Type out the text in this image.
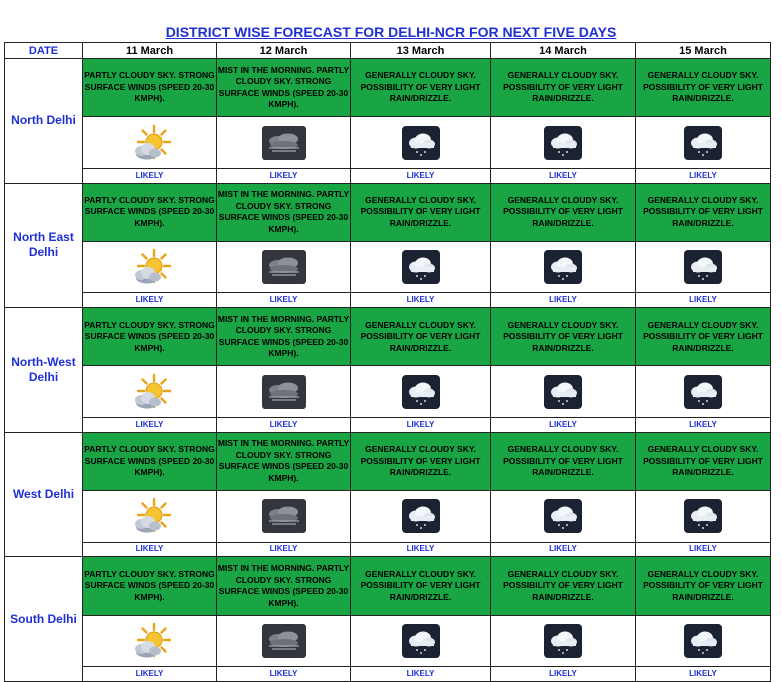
DISTRICT WISE FORECAST FOR DELHI-NCR FOR NEXT FIVE DAYS
DATE	11 March	12 March	13 March	14 March	15 March
North Delhi	PARTLY CLOUDY SKY. STRONG SURFACE WINDS (SPEED 20-30 KMPH).	MIST IN THE MORNING. PARTLY CLOUDY SKY. STRONG SURFACE WINDS (SPEED 20-30 KMPH).	GENERALLY CLOUDY SKY. POSSIBILITY OF VERY LIGHT RAIN/DRIZZLE.	GENERALLY CLOUDY SKY. POSSIBILITY OF VERY LIGHT RAIN/DRIZZLE.	GENERALLY CLOUDY SKY. POSSIBILITY OF VERY LIGHT RAIN/DRIZZLE.

	LIKELY	LIKELY	LIKELY	LIKELY	LIKELY
North East Delhi	PARTLY CLOUDY SKY. STRONG SURFACE WINDS (SPEED 20-30 KMPH).	MIST IN THE MORNING. PARTLY CLOUDY SKY. STRONG SURFACE WINDS (SPEED 20-30 KMPH).	GENERALLY CLOUDY SKY. POSSIBILITY OF VERY LIGHT RAIN/DRIZZLE.	GENERALLY CLOUDY SKY. POSSIBILITY OF VERY LIGHT RAIN/DRIZZLE.	GENERALLY CLOUDY SKY. POSSIBILITY OF VERY LIGHT RAIN/DRIZZLE.

	LIKELY	LIKELY	LIKELY	LIKELY	LIKELY
North-West Delhi	PARTLY CLOUDY SKY. STRONG SURFACE WINDS (SPEED 20-30 KMPH).	MIST IN THE MORNING. PARTLY CLOUDY SKY. STRONG SURFACE WINDS (SPEED 20-30 KMPH).	GENERALLY CLOUDY SKY. POSSIBILITY OF VERY LIGHT RAIN/DRIZZLE.	GENERALLY CLOUDY SKY. POSSIBILITY OF VERY LIGHT RAIN/DRIZZLE.	GENERALLY CLOUDY SKY. POSSIBILITY OF VERY LIGHT RAIN/DRIZZLE.

	LIKELY	LIKELY	LIKELY	LIKELY	LIKELY
West Delhi	PARTLY CLOUDY SKY. STRONG SURFACE WINDS (SPEED 20-30 KMPH).	MIST IN THE MORNING. PARTLY CLOUDY SKY. STRONG SURFACE WINDS (SPEED 20-30 KMPH).	GENERALLY CLOUDY SKY. POSSIBILITY OF VERY LIGHT RAIN/DRIZZLE.	GENERALLY CLOUDY SKY. POSSIBILITY OF VERY LIGHT RAIN/DRIZZLE.	GENERALLY CLOUDY SKY. POSSIBILITY OF VERY LIGHT RAIN/DRIZZLE.

	LIKELY	LIKELY	LIKELY	LIKELY	LIKELY
South Delhi	PARTLY CLOUDY SKY. STRONG SURFACE WINDS (SPEED 20-30 KMPH).	MIST IN THE MORNING. PARTLY CLOUDY SKY. STRONG SURFACE WINDS (SPEED 20-30 KMPH).	GENERALLY CLOUDY SKY. POSSIBILITY OF VERY LIGHT RAIN/DRIZZLE.	GENERALLY CLOUDY SKY. POSSIBILITY OF VERY LIGHT RAIN/DRIZZLE.	GENERALLY CLOUDY SKY. POSSIBILITY OF VERY LIGHT RAIN/DRIZZLE.

	LIKELY	LIKELY	LIKELY	LIKELY	LIKELY
